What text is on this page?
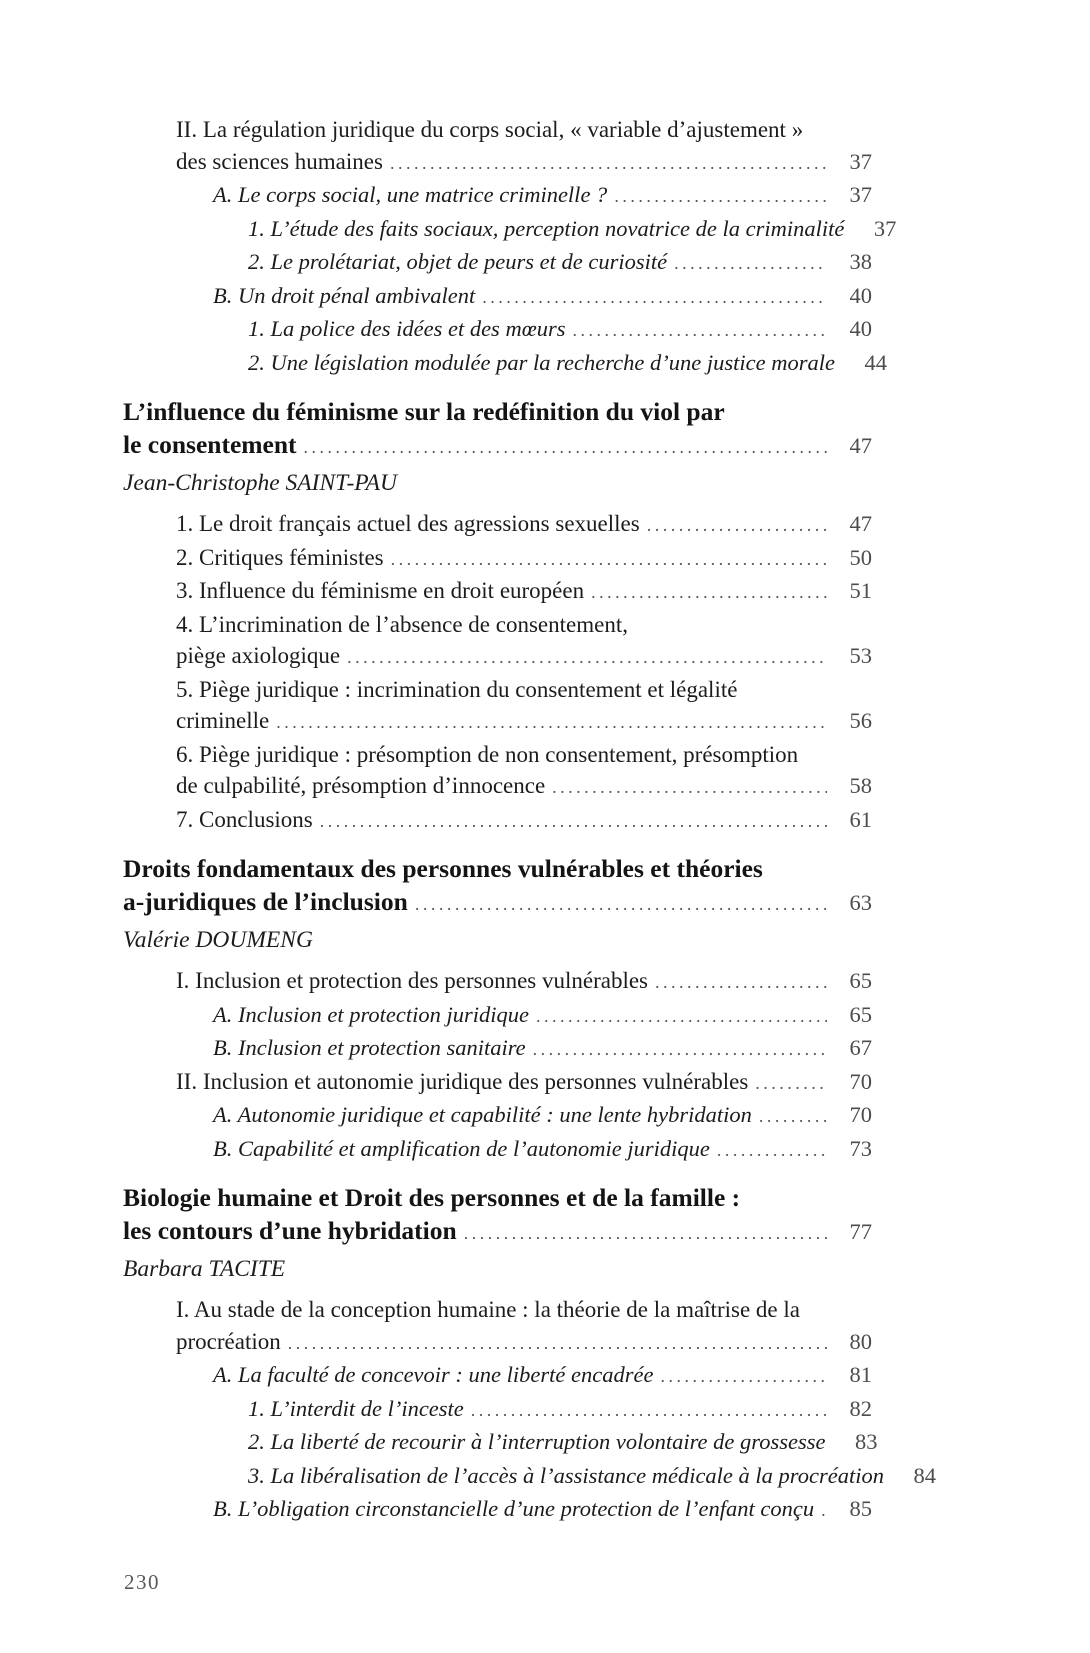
II. La régulation juridique du corps social, « variable d’ajustement »
des sciences humaines .....	37
A. Le corps social, une matrice criminelle ? .....	37
1. L’étude des faits sociaux, perception novatrice de la criminalité	37
2. Le prolétariat, objet de peurs et de curiosité .....	38
B. Un droit pénal ambivalent .....	40
1. La police des idées et des mœurs .....	40
2. Une législation modulée par la recherche d’une justice morale	44
L’influence du féminisme sur la redéfinition du viol par
le consentement .....	47
Jean-Christophe SAINT-PAU
1. Le droit français actuel des agressions sexuelles .....	47
2. Critiques féministes .....	50
3. Influence du féminisme en droit européen .....	51
4. L’incrimination de l’absence de consentement,
piège axiologique .....	53
5. Piège juridique : incrimination du consentement et légalité
criminelle .....	56
6. Piège juridique : présomption de non consentement, présomption
de culpabilité, présomption d’innocence .....	58
7. Conclusions .....	61
Droits fondamentaux des personnes vulnérables et théories
a-juridiques de l’inclusion .....	63
Valérie DOUMENG
I. Inclusion et protection des personnes vulnérables .....	65
A. Inclusion et protection juridique .....	65
B. Inclusion et protection sanitaire .....	67
II. Inclusion et autonomie juridique des personnes vulnérables .....	70
A. Autonomie juridique et capabilité : une lente hybridation .....	70
B. Capabilité et amplification de l’autonomie juridique .....	73
Biologie humaine et Droit des personnes et de la famille :
les contours d’une hybridation .....	77
Barbara TACITE
I. Au stade de la conception humaine : la théorie de la maîtrise de la
procréation .....	80
A. La faculté de concevoir : une liberté encadrée .....	81
1. L’interdit de l’inceste .....	82
2. La liberté de recourir à l’interruption volontaire de grossesse	83
3. La libéralisation de l’accès à l’assistance médicale à la procréation	84
B. L’obligation circonstancielle d’une protection de l’enfant conçu .....	85
230
